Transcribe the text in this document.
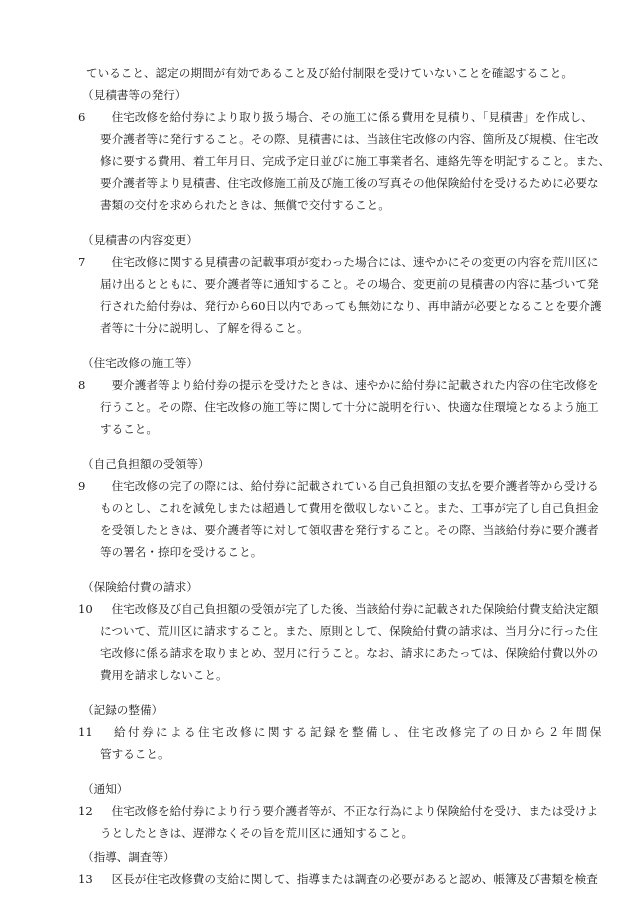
ていること、認定の期間が有効であること及び給付制限を受けていないことを確認すること。
（見積書等の発行）
6	　住宅改修を給付券により取り扱う場合、その施工に係る費用を見積り、「見積書」を作成し、
要介護者等に発行すること。その際、見積書には、当該住宅改修の内容、箇所及び規模、住宅改
修に要する費用、着工年月日、完成予定日並びに施工事業者名、連絡先等を明記すること。また、
要介護者等より見積書、住宅改修施工前及び施工後の写真その他保険給付を受けるために必要な
書類の交付を求められたときは、無償で交付すること。
（見積書の内容変更）
7	　住宅改修に関する見積書の記載事項が変わった場合には、速やかにその変更の内容を荒川区に
届け出るとともに、要介護者等に通知すること。その場合、変更前の見積書の内容に基づいて発
行された給付券は、発行から60日以内であっても無効になり、再申請が必要となることを要介護
者等に十分に説明し、了解を得ること。
（住宅改修の施工等）
8	　要介護者等より給付券の提示を受けたときは、速やかに給付券に記載された内容の住宅改修を
行うこと。その際、住宅改修の施工等に関して十分に説明を行い、快適な住環境となるよう施工
すること。
（自己負担額の受領等）
9	　住宅改修の完了の際には、給付券に記載されている自己負担額の支払を要介護者等から受ける
ものとし、これを減免しまたは超過して費用を徴収しないこと。また、工事が完了し自己負担金
を受領したときは、要介護者等に対して領収書を発行すること。その際、当該給付券に要介護者
等の署名・捺印を受けること。
（保険給付費の請求）
10 　住宅改修及び自己負担額の受領が完了した後、当該給付券に記載された保険給付費支給決定額
について、荒川区に請求すること。また、原則として、保険給付費の請求は、当月分に行った住
宅改修に係る請求を取りまとめ、翌月に行うこと。なお、請求にあたっては、保険給付費以外の
費用を請求しないこと。
（記録の整備）
11 　給付券による住宅改修に関する記録を整備し、住宅改修完了の日から２年間保
管すること。
（通知）
12 　住宅改修を給付券により行う要介護者等が、不正な行為により保険給付を受け、または受けよ
うとしたときは、遅滞なくその旨を荒川区に通知すること。
（指導、調査等）
13 　区長が住宅改修費の支給に関して、指導または調査の必要があると認め、帳簿及び書類を検査
